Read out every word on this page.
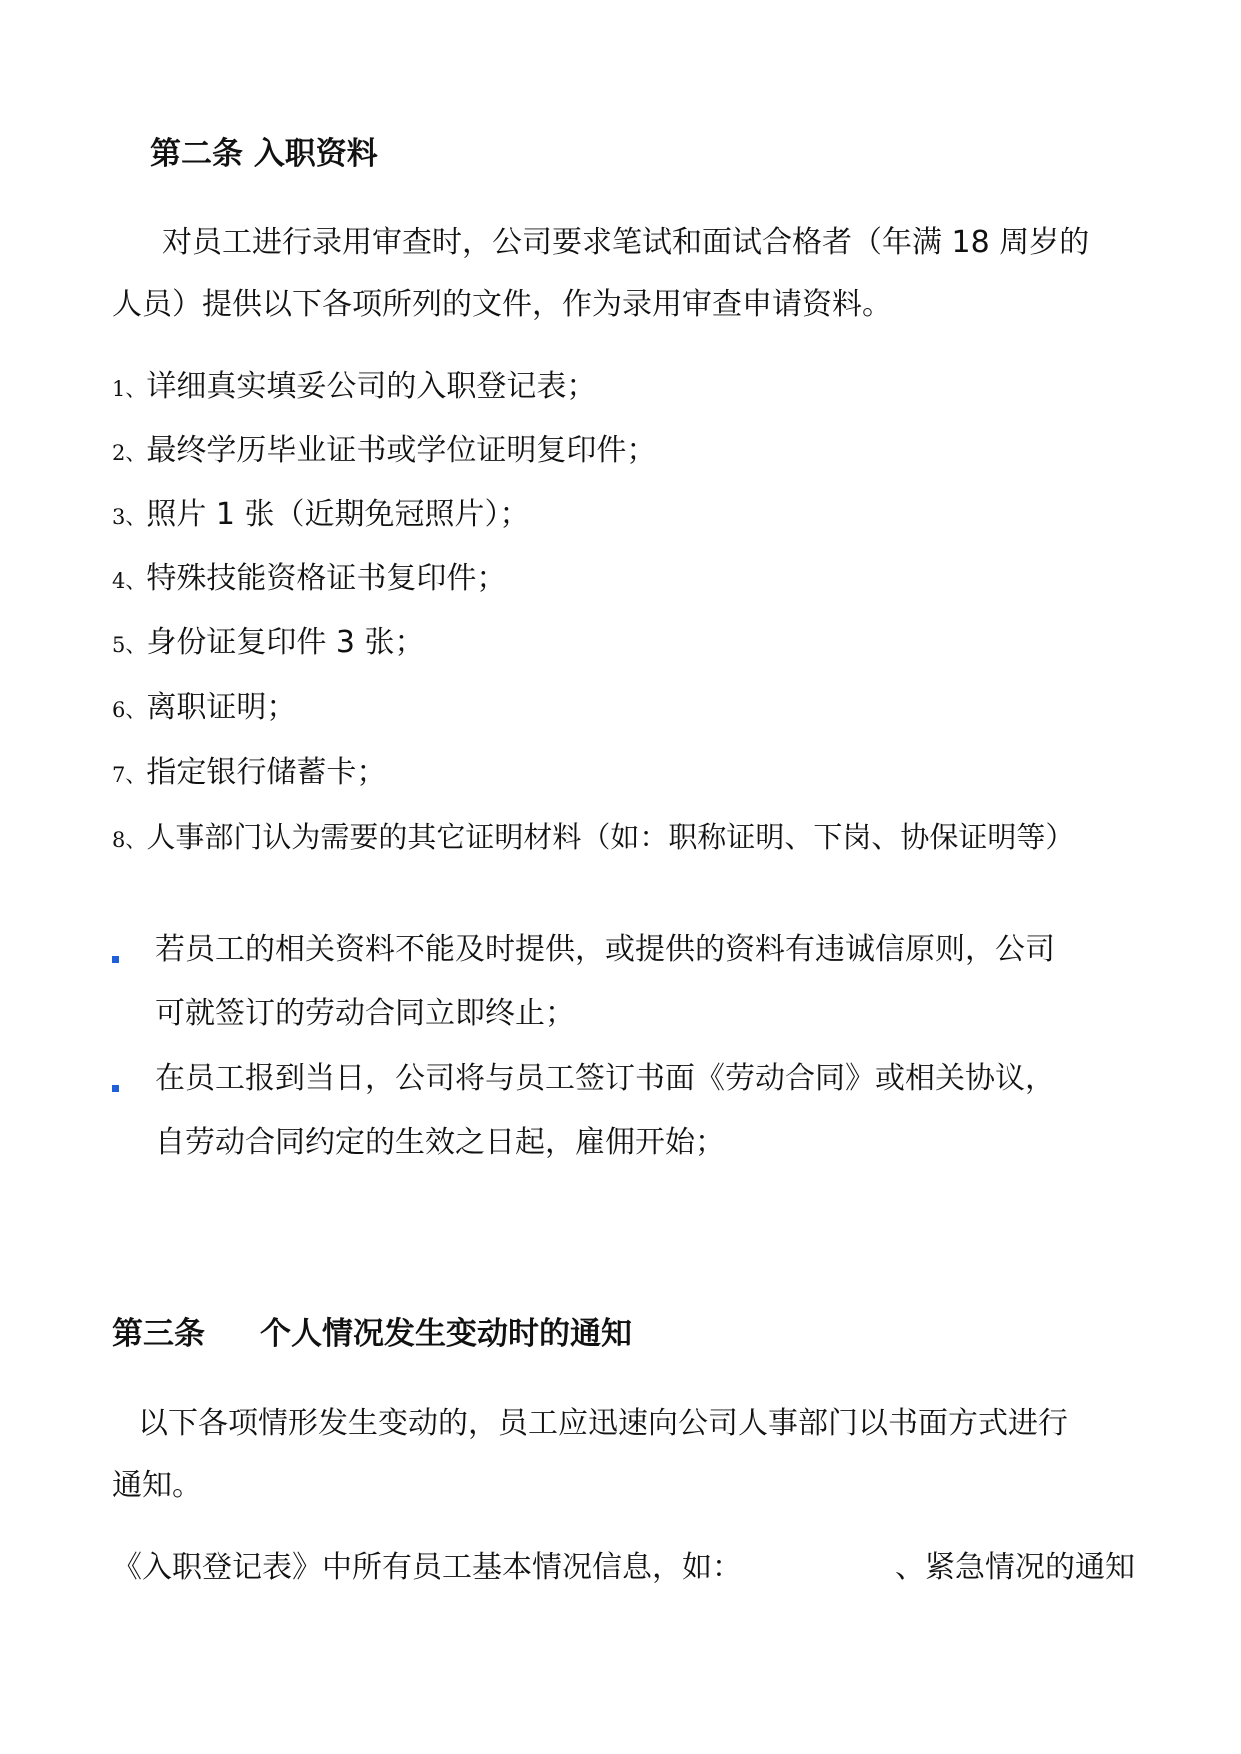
第二条 入职资料
对员工进行录用审查时，公司要求笔试和面试合格者（年满 18 周岁的
人员）提供以下各项所列的文件，作为录用审查申请资料。
1、详细真实填妥公司的入职登记表；
2、最终学历毕业证书或学位证明复印件；
3、照片 1 张（近期免冠照片）；
4、特殊技能资格证书复印件；
5、身份证复印件 3 张；
6、离职证明；
7、指定银行储蓄卡；
8、人事部门认为需要的其它证明材料（如：职称证明、下岗、协保证明等）
若员工的相关资料不能及时提供，或提供的资料有违诚信原则，公司
可就签订的劳动合同立即终止；
在员工报到当日，公司将与员工签订书面《劳动合同》或相关协议，
自劳动合同约定的生效之日起，雇佣开始；
第三条 个人情况发生变动时的通知
以下各项情形发生变动的，员工应迅速向公司人事部门以书面方式进行
通知。
《入职登记表》中所有员工基本情况信息，如：	、紧急情况的通知
